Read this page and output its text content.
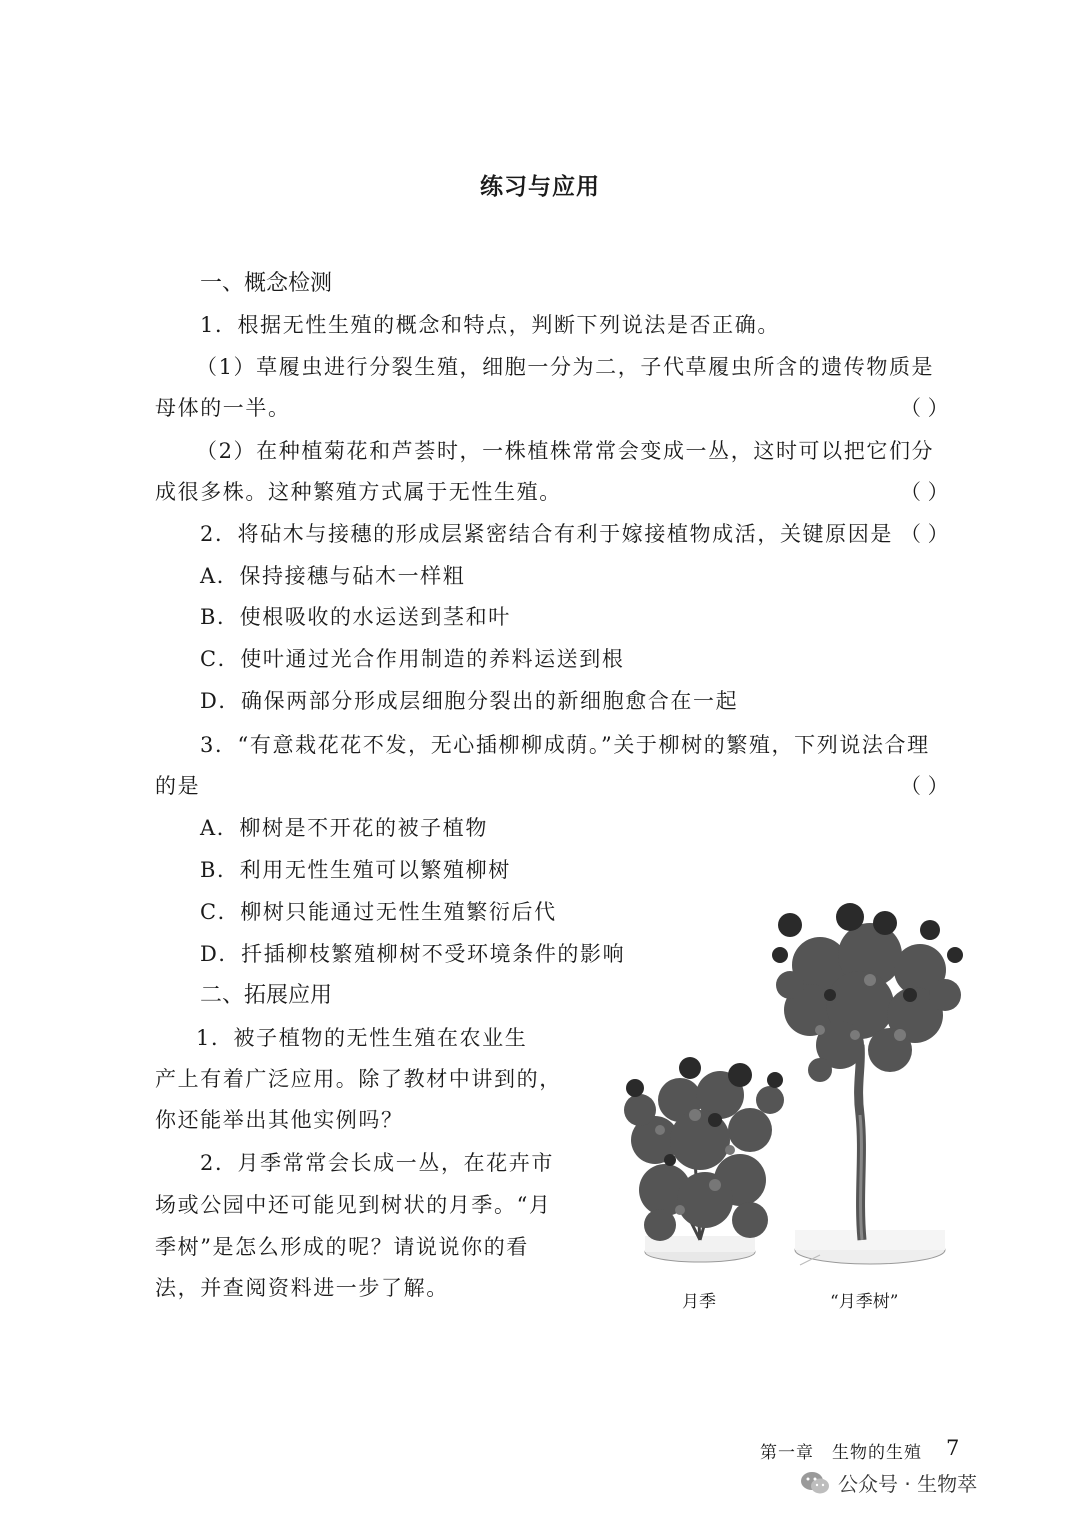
练习与应用
一、概念检测
1．根据无性生殖的概念和特点，判断下列说法是否正确。
（1）草履虫进行分裂生殖，细胞一分为二，子代草履虫所含的遗传物质是
母体的一半。	（ ）
（2）在种植菊花和芦荟时，一株植株常常会变成一丛，这时可以把它们分
成很多株。这种繁殖方式属于无性生殖。	（ ）
2．将砧木与接穗的形成层紧密结合有利于嫁接植物成活，关键原因是 （ ）
A．保持接穗与砧木一样粗
B．使根吸收的水运送到茎和叶
C．使叶通过光合作用制造的养料运送到根
D．确保两部分形成层细胞分裂出的新细胞愈合在一起
3．“有意栽花花不发，无心插柳柳成荫。”关于柳树的繁殖，下列说法合理
的是	（ ）
A．柳树是不开花的被子植物
B．利用无性生殖可以繁殖柳树
C．柳树只能通过无性生殖繁衍后代
D．扦插柳枝繁殖柳树不受环境条件的影响
二、拓展应用
1．被子植物的无性生殖在农业生
产上有着广泛应用。除了教材中讲到的，
你还能举出其他实例吗？
2．月季常常会长成一丛，在花卉市
场或公园中还可能见到树状的月季。“月
季树”是怎么形成的呢？请说说你的看
法，并查阅资料进一步了解。
月季	“月季树”
第一章　生物的生殖 7
公众号 · 生物萃
